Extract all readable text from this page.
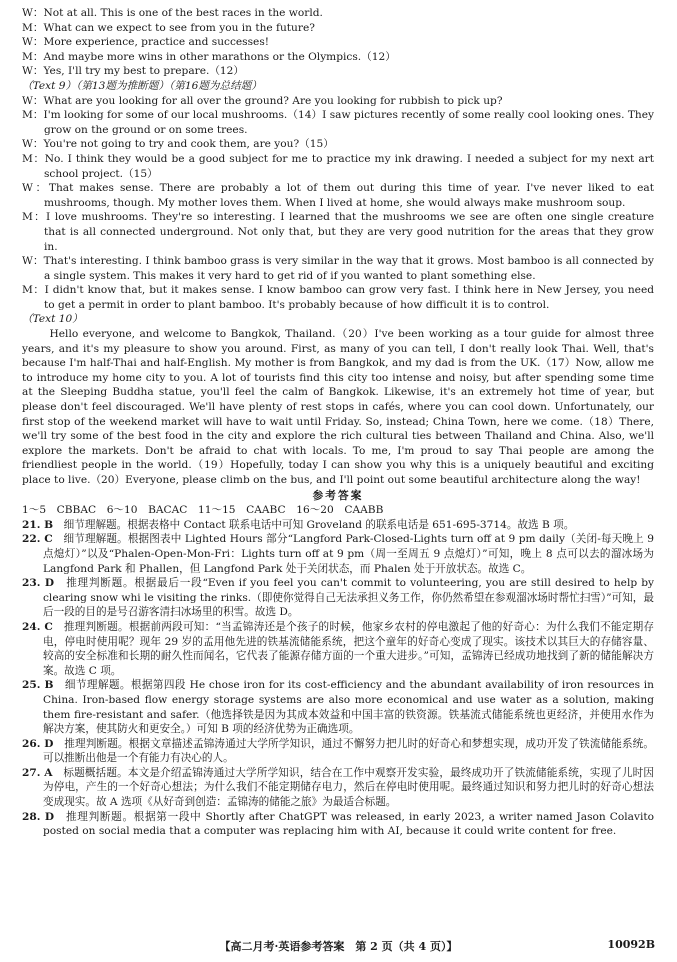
W：Not at all. This is one of the best races in the world.

M：What can we expect to see from you in the future?

W：More experience, practice and successes!

M：And maybe more wins in other marathons or the Olympics.（12）

W：Yes, I'll try my best to prepare.（12）

（Text 9）（第13题为推断题）（第16题为总结题）

W：What are you looking for all over the ground? Are you looking for rubbish to pick up?

M：I'm looking for some of our local mushrooms.（14）I saw pictures recently of some really cool looking ones. They grow on the ground or on some trees.

W：You're not going to try and cook them, are you?（15）

M：No. I think they would be a good subject for me to practice my ink drawing. I needed a subject for my next art school project.（15）

W：That makes sense. There are probably a lot of them out during this time of year. I've never liked to eat mushrooms, though. My mother loves them. When I lived at home, she would always make mushroom soup.

M：I love mushrooms. They're so interesting. I learned that the mushrooms we see are often one single creature that is all connected underground. Not only that, but they are very good nutrition for the areas that they grow in.

W：That's interesting. I think bamboo grass is very similar in the way that it grows. Most bamboo is all connected by a single system. This makes it very hard to get rid of if you wanted to plant something else.

M：I didn't know that, but it makes sense. I know bamboo can grow very fast. I think here in New Jersey, you need to get a permit in order to plant bamboo. It's probably because of how difficult it is to control.

（Text 10）

Hello everyone, and welcome to Bangkok, Thailand.（20）I've been working as a tour guide for almost three years, and it's my pleasure to show you around. First, as many of you can tell, I don't really look Thai. Well, that's because I'm half-Thai and half-English. My mother is from Bangkok, and my dad is from the UK.（17）Now, allow me to introduce my home city to you. A lot of tourists find this city too intense and noisy, but after spending some time at the Sleeping Buddha statue, you'll feel the calm of Bangkok. Likewise, it's an extremely hot time of year, but please don't feel discouraged. We'll have plenty of rest stops in cafés, where you can cool down. Unfortunately, our first stop of the weekend market will have to wait until Friday. So, instead; China Town, here we come.（18）There, we'll try some of the best food in the city and explore the rich cultural ties between Thailand and China. Also, we'll explore the markets. Don't be afraid to chat with locals. To me, I'm proud to say Thai people are among the friendliest people in the world.（19）Hopefully, today I can show you why this is a uniquely beautiful and exciting place to live.（20）Everyone, please climb on the bus, and I'll point out some beautiful architecture along the way!

参考答案

1～5　CBBAC　6～10　BACAC　11～15　CAABC　16～20　CAABB

21. B　 细节理解题。根据表格中 Contact 联系电话中可知 Groveland 的联系电话是 651-695-3714。故选 B 项。

22. C　 细节理解题。根据图表中 Lighted Hours 部分“Langford Park-Closed-Lights turn off at 9 pm daily（关闭-每天晚上 9 点熄灯）”以及“Phalen-Open-Mon-Fri：Lights turn off at 9 pm（周一至周五 9 点熄灯）”可知，晚上 8 点可以去的溜冰场为 Langfond Park 和 Phallen，但 Langfond Park 处于关闭状态，而 Phalen 处于开放状态。故选 C。

23. D　 推理判断题。根据最后一段“Even if you feel you can't commit to volunteering, you are still desired to help by clearing snow whi le visiting the rinks.（即使你觉得自己无法承担义务工作，你仍然希望在参观溜冰场时帮忙扫雪）”可知，最后一段的目的是号召游客清扫冰场里的积雪。故选 D。

24. C　 推理判断题。根据前两段可知：“当孟锦涛还是个孩子的时候，他家乡农村的停电激起了他的好奇心：为什么我们不能定期存电，停电时使用呢？现年 29 岁的孟用他先进的铁基流储能系统，把这个童年的好奇心变成了现实。该技术以其巨大的存储容量、较高的安全标准和长期的耐久性而闻名，它代表了能源存储方面的一个重大进步。”可知，孟锦涛已经成功地找到了新的储能解决方案。故选 C 项。

25. B　 细节理解题。根据第四段 He chose iron for its cost-efficiency and the abundant availability of iron resources in China. Iron-based flow energy storage systems are also more economical and use water as a solution, making them fire-resistant and safer.（他选择铁是因为其成本效益和中国丰富的铁资源。铁基流式储能系统也更经济，并使用水作为解决方案，使其防火和更安全。）可知 B 项的经济优势为正确选项。

26. D　 推理判断题。根据文章描述孟锦涛通过大学所学知识，通过不懈努力把儿时的好奇心和梦想实现，成功开发了铁流储能系统。可以推断出他是一个有能力有决心的人。

27. A　 标题概括题。本文是介绍孟锦涛通过大学所学知识，结合在工作中观察开发实验，最终成功开了铁流储能系统，实现了儿时因为停电，产生的一个好奇心想法；为什么我们不能定期储存电力，然后在停电时使用呢。最终通过知识和努力把儿时的好奇心想法变成现实。故 A 选项《从好奇到创造：孟锦涛的储能之旅》为最适合标题。

28. D　 推理判断题。根据第一段中 Shortly after ChatGPT was released, in early 2023, a writer named Jason Colavito posted on social media that a computer was replacing him with AI, because it could write content for free.

【高二月考·英语参考答案　第 2 页（共 4 页）】	10092B
